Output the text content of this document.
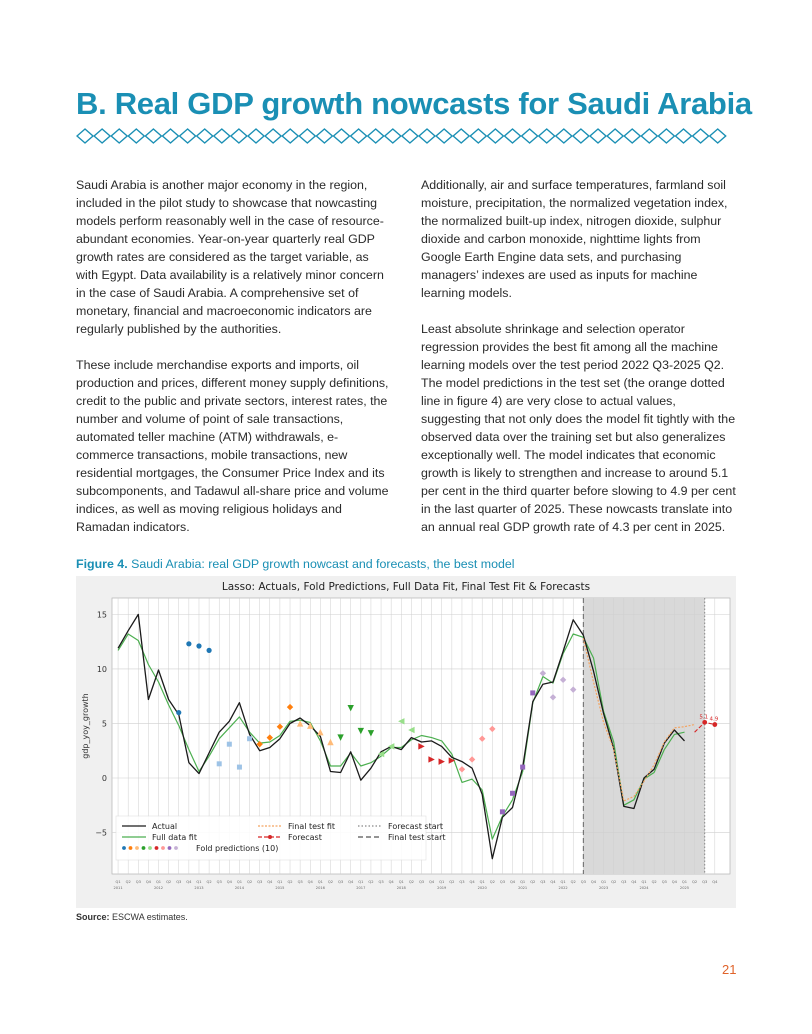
B. Real GDP growth nowcasts for Saudi Arabia

Saudi Arabia is another major economy in the region, included in the pilot study to showcase that nowcasting models perform reasonably well in the case of resource-abundant economies. Year-on-year quarterly real GDP growth rates are considered as the target variable, as with Egypt. Data availability is a relatively minor concern in the case of Saudi Arabia. A comprehensive set of monetary, financial and macroeconomic indicators are regularly published by the authorities.

These include merchandise exports and imports, oil production and prices, different money supply definitions, credit to the public and private sectors, interest rates, the number and volume of point of sale transactions, automated teller machine (ATM) withdrawals, e-commerce transactions, mobile transactions, new residential mortgages, the Consumer Price Index and its subcomponents, and Tadawul all-share price and volume indices, as well as moving religious holidays and Ramadan indicators.

Additionally, air and surface temperatures, farmland soil moisture, precipitation, the normalized vegetation index, the normalized built-up index, nitrogen dioxide, sulphur dioxide and carbon monoxide, nighttime lights from Google Earth Engine data sets, and purchasing managers’ indexes are used as inputs for machine learning models.

Least absolute shrinkage and selection operator regression provides the best fit among all the machine learning models over the test period 2022 Q3-2025 Q2. The model predictions in the test set (the orange dotted line in figure 4) are very close to actual values, suggesting that not only does the model fit tightly with the observed data over the training set but also generalizes exceptionally well. The model indicates that economic growth is likely to strengthen and increase to around 5.1 per cent in the third quarter before slowing to 4.9 per cent in the last quarter of 2025. These nowcasts translate into an annual real GDP growth rate of 4.3 per cent in 2025.

Figure 4. Saudi Arabia: real GDP growth nowcast and forecasts, the best model
Lasso: Actuals, Fold Predictions, Full Data Fit, Final Test Fit & Forecasts
gdp_yoy_growth
−5
0
5
10
15
Q1 Q2 Q3 Q4 Q1 Q2 Q3 Q4 Q1 Q2 Q3 Q4 Q1 Q2 Q3 Q4 Q1 Q2 Q3 Q4 Q1 Q2 Q3 Q4 Q1 Q2 Q3 Q4 Q1 Q2 Q3 Q4 Q1 Q2 Q3 Q4 Q1 Q2 Q3 Q4 Q1 Q2 Q3 Q4 Q1 Q2 Q3 Q4 Q1 Q2 Q3 Q4 Q1 Q2 Q3 Q4 Q1 Q2 Q3 Q4
2011	2012	2013	2014	2015	2016	2017	2018	2019	2020	2021	2022	2023	2024	2025
5.1 4.9
Actual
Full data fit
Fold predictions (10)
Final test fit
Forecast
Forecast start
Final test start
Source: ESCWA estimates.
21
